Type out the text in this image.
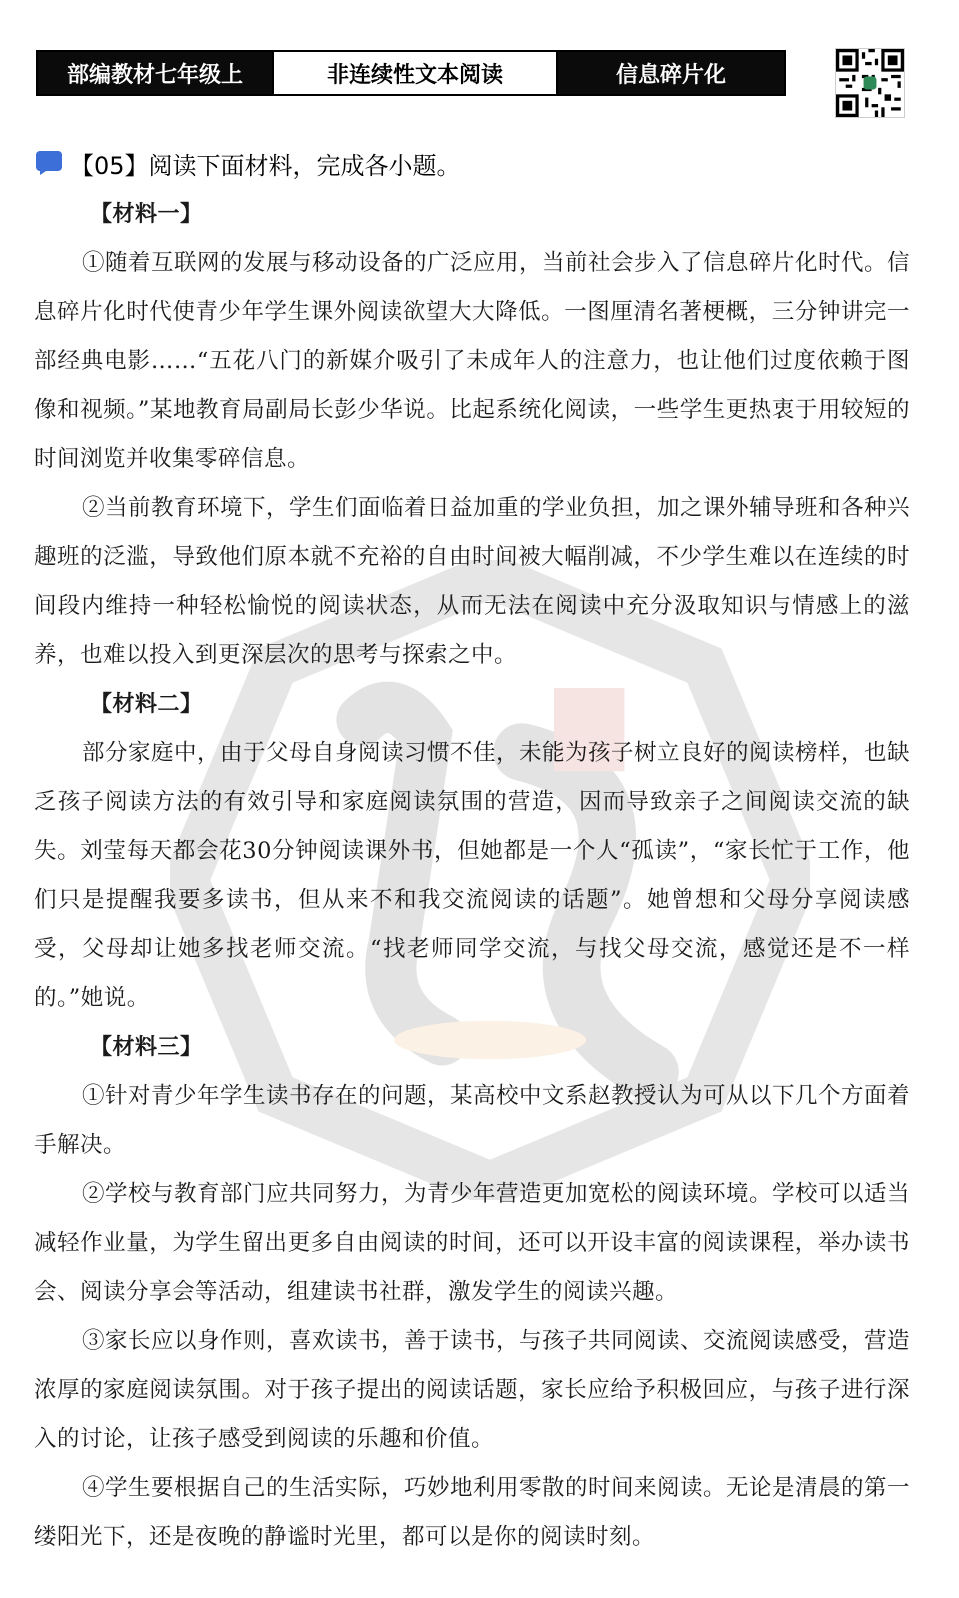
部编教材七年级上	非连续性文本阅读	信息碎片化
【05】阅读下面材料，完成各小题。
【材料一】

①随着互联网的发展与移动设备的广泛应用，当前社会步入了信息碎片化时代。信息碎片化时代使青少年学生课外阅读欲望大大降低。一图厘清名著梗概，三分钟讲完一部经典电影……“五花八门的新媒介吸引了未成年人的注意力，也让他们过度依赖于图像和视频。”某地教育局副局长彭少华说。比起系统化阅读，一些学生更热衷于用较短的时间浏览并收集零碎信息。

②当前教育环境下，学生们面临着日益加重的学业负担，加之课外辅导班和各种兴趣班的泛滥，导致他们原本就不充裕的自由时间被大幅削减，不少学生难以在连续的时间段内维持一种轻松愉悦的阅读状态，从而无法在阅读中充分汲取知识与情感上的滋养，也难以投入到更深层次的思考与探索之中。

【材料二】

部分家庭中，由于父母自身阅读习惯不佳，未能为孩子树立良好的阅读榜样，也缺乏孩子阅读方法的有效引导和家庭阅读氛围的营造，因而导致亲子之间阅读交流的缺失。刘莹每天都会花30分钟阅读课外书，但她都是一个人“孤读”，“家长忙于工作，他们只是提醒我要多读书，但从来不和我交流阅读的话题”。她曾想和父母分享阅读感受，父母却让她多找老师交流。“找老师同学交流，与找父母交流，感觉还是不一样的。”她说。

【材料三】

①针对青少年学生读书存在的问题，某高校中文系赵教授认为可从以下几个方面着手解决。

②学校与教育部门应共同努力，为青少年营造更加宽松的阅读环境。学校可以适当减轻作业量，为学生留出更多自由阅读的时间，还可以开设丰富的阅读课程，举办读书会、阅读分享会等活动，组建读书社群，激发学生的阅读兴趣。

③家长应以身作则，喜欢读书，善于读书，与孩子共同阅读、交流阅读感受，营造浓厚的家庭阅读氛围。对于孩子提出的阅读话题，家长应给予积极回应，与孩子进行深入的讨论，让孩子感受到阅读的乐趣和价值。

④学生要根据自己的生活实际，巧妙地利用零散的时间来阅读。无论是清晨的第一缕阳光下，还是夜晚的静谧时光里，都可以是你的阅读时刻。
